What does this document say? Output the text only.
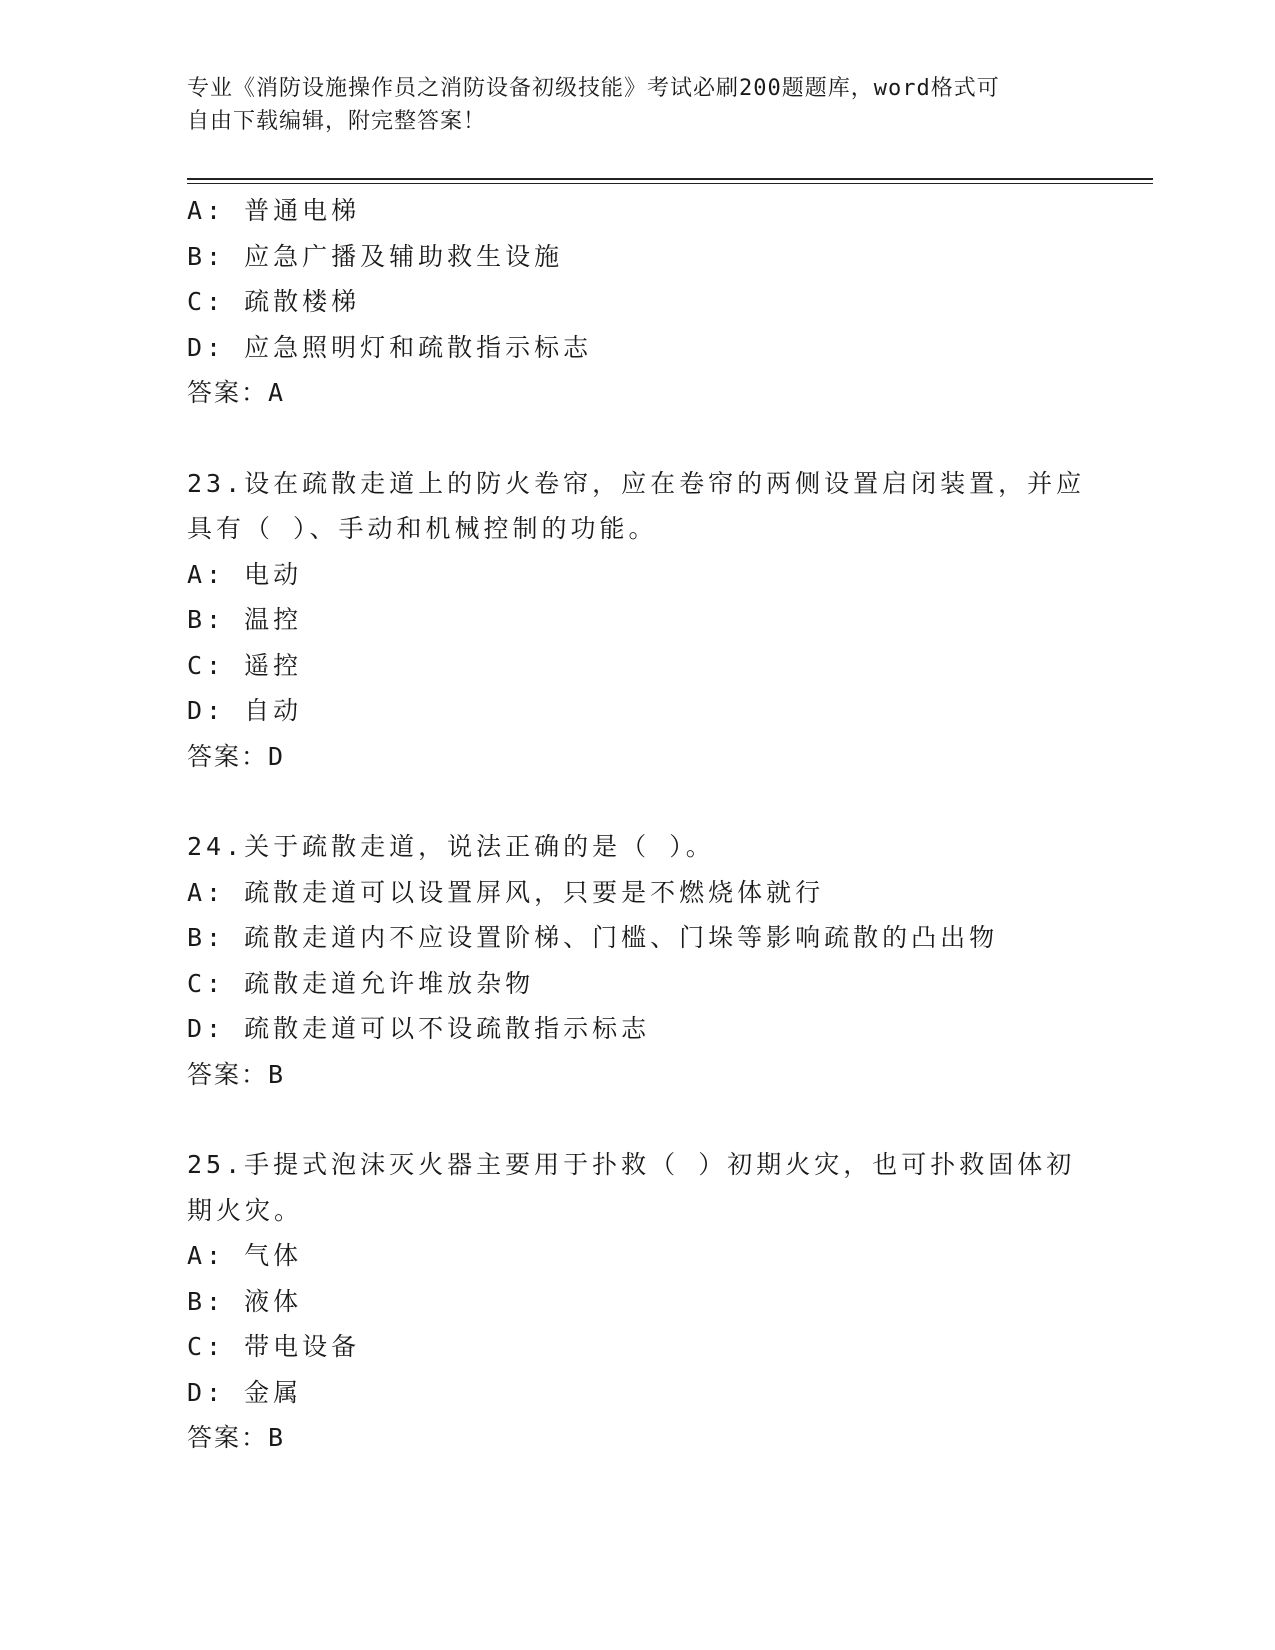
专业《消防设施操作员之消防设备初级技能》考试必刷200题题库，word格式可
自由下载编辑，附完整答案！
A: 普通电梯
B: 应急广播及辅助救生设施
C: 疏散楼梯
D: 应急照明灯和疏散指示标志
答案：A
23.设在疏散走道上的防火卷帘，应在卷帘的两侧设置启闭装置，并应
具有（ ）、手动和机械控制的功能。
A: 电动
B: 温控
C: 遥控
D: 自动
答案：D
24.关于疏散走道，说法正确的是（ ）。
A: 疏散走道可以设置屏风，只要是不燃烧体就行
B: 疏散走道内不应设置阶梯、门槛、门垛等影响疏散的凸出物
C: 疏散走道允许堆放杂物
D: 疏散走道可以不设疏散指示标志
答案：B
25.手提式泡沫灭火器主要用于扑救（ ）初期火灾，也可扑救固体初
期火灾。
A: 气体
B: 液体
C: 带电设备
D: 金属
答案：B
